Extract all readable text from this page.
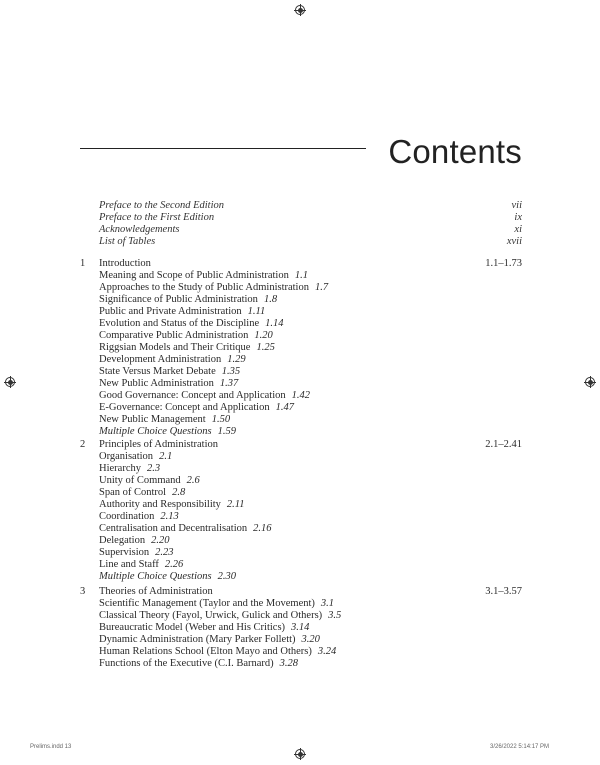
Contents
Preface to the Second Edition	vii
Preface to the First Edition	ix
Acknowledgements	xi
List of Tables	xvii
1	Introduction	1.1–1.73
Meaning and Scope of Public Administration 1.1
Approaches to the Study of Public Administration 1.7
Significance of Public Administration 1.8
Public and Private Administration 1.11
Evolution and Status of the Discipline 1.14
Comparative Public Administration 1.20
Riggsian Models and Their Critique 1.25
Development Administration 1.29
State Versus Market Debate 1.35
New Public Administration 1.37
Good Governance: Concept and Application 1.42
E-Governance: Concept and Application 1.47
New Public Management 1.50
Multiple Choice Questions 1.59
2	Principles of Administration	2.1–2.41
Organisation 2.1
Hierarchy 2.3
Unity of Command 2.6
Span of Control 2.8
Authority and Responsibility 2.11
Coordination 2.13
Centralisation and Decentralisation 2.16
Delegation 2.20
Supervision 2.23
Line and Staff 2.26
Multiple Choice Questions 2.30
3	Theories of Administration	3.1–3.57
Scientific Management (Taylor and the Movement) 3.1
Classical Theory (Fayol, Urwick, Gulick and Others) 3.5
Bureaucratic Model (Weber and His Critics) 3.14
Dynamic Administration (Mary Parker Follett) 3.20
Human Relations School (Elton Mayo and Others) 3.24
Functions of the Executive (C.I. Barnard) 3.28
Prelims.indd 13	3/26/2022 5:14:17 PM
